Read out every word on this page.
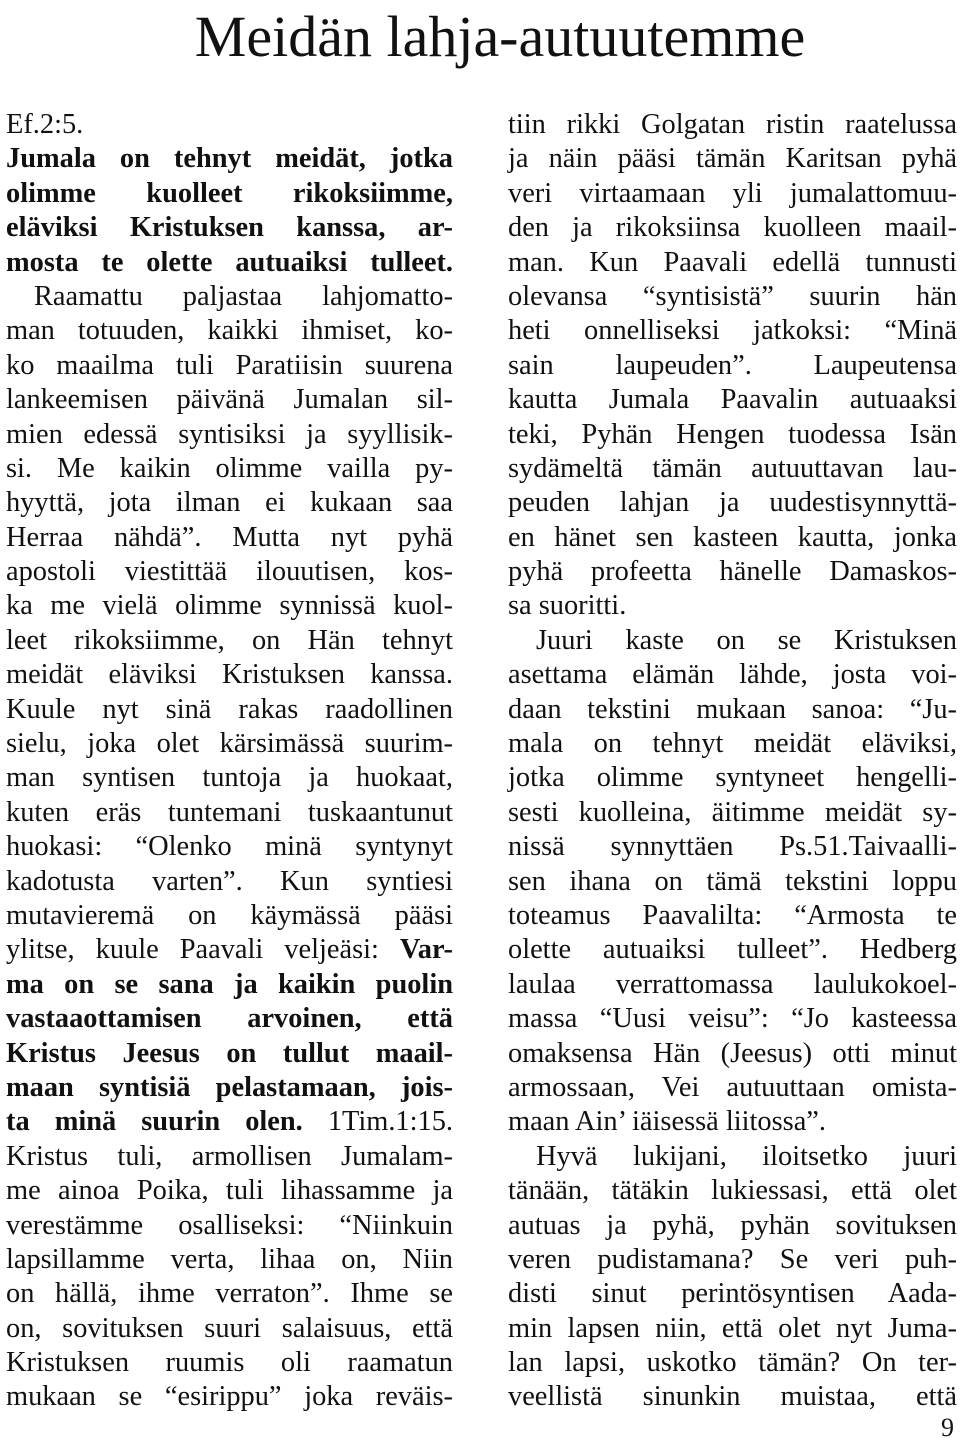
Meidän lahja-autuutemme
Ef.2:5.
Jumala on tehnyt meidät, jotka
olimme kuolleet rikoksiimme,
eläviksi Kristuksen kanssa, ar-
mosta te olette autuaiksi tulleet.
Raamattu paljastaa lahjomatto-
man totuuden, kaikki ihmiset, ko-
ko maailma tuli Paratiisin suurena
lankeemisen päivänä Jumalan sil-
mien edessä syntisiksi ja syyllisik-
si. Me kaikin olimme vailla py-
hyyttä, jota ilman ei kukaan saa
Herraa nähdä”. Mutta nyt pyhä
apostoli viestittää ilouutisen, kos-
ka me vielä olimme synnissä kuol-
leet rikoksiimme, on Hän tehnyt
meidät eläviksi Kristuksen kanssa.
Kuule nyt sinä rakas raadollinen
sielu, joka olet kärsimässä suurim-
man syntisen tuntoja ja huokaat,
kuten eräs tuntemani tuskaantunut
huokasi: “Olenko minä syntynyt
kadotusta varten”. Kun syntiesi
mutavieremä on käymässä pääsi
ylitse, kuule Paavali veljeäsi: Var-
ma on se sana ja kaikin puolin
vastaaottamisen arvoinen, että
Kristus Jeesus on tullut maail-
maan syntisiä pelastamaan, jois-
ta minä suurin olen. 1Tim.1:15.
Kristus tuli, armollisen Jumalam-
me ainoa Poika, tuli lihassamme ja
verestämme osalliseksi: “Niinkuin
lapsillamme verta, lihaa on, Niin
on hällä, ihme verraton”. Ihme se
on, sovituksen suuri salaisuus, että
Kristuksen ruumis oli raamatun
mukaan se “esirippu” joka reväis-
tiin rikki Golgatan ristin raatelussa
ja näin pääsi tämän Karitsan pyhä
veri virtaamaan yli jumalattomuu-
den ja rikoksiinsa kuolleen maail-
man. Kun Paavali edellä tunnusti
olevansa “syntisistä” suurin hän
heti onnelliseksi jatkoksi: “Minä
sain laupeuden”. Laupeutensa
kautta Jumala Paavalin autuaaksi
teki, Pyhän Hengen tuodessa Isän
sydämeltä tämän autuuttavan lau-
peuden lahjan ja uudestisynnyttä-
en hänet sen kasteen kautta, jonka
pyhä profeetta hänelle Damaskos-
sa suoritti.
Juuri kaste on se Kristuksen
asettama elämän lähde, josta voi-
daan tekstini mukaan sanoa: “Ju-
mala on tehnyt meidät eläviksi,
jotka olimme syntyneet hengelli-
sesti kuolleina, äitimme meidät sy-
nissä synnyttäen Ps.51.Taivaalli-
sen ihana on tämä tekstini loppu
toteamus Paavalilta: “Armosta te
olette autuaiksi tulleet”. Hedberg
laulaa verrattomassa laulukokoel-
massa “Uusi veisu”: “Jo kasteessa
omaksensa Hän (Jeesus) otti minut
armossaan, Vei autuuttaan omista-
maan Ain’ iäisessä liitossa”.
Hyvä lukijani, iloitsetko juuri
tänään, tätäkin lukiessasi, että olet
autuas ja pyhä, pyhän sovituksen
veren pudistamana? Se veri puh-
disti sinut perintösyntisen Aada-
min lapsen niin, että olet nyt Juma-
lan lapsi, uskotko tämän? On ter-
veellistä sinunkin muistaa, että
9
